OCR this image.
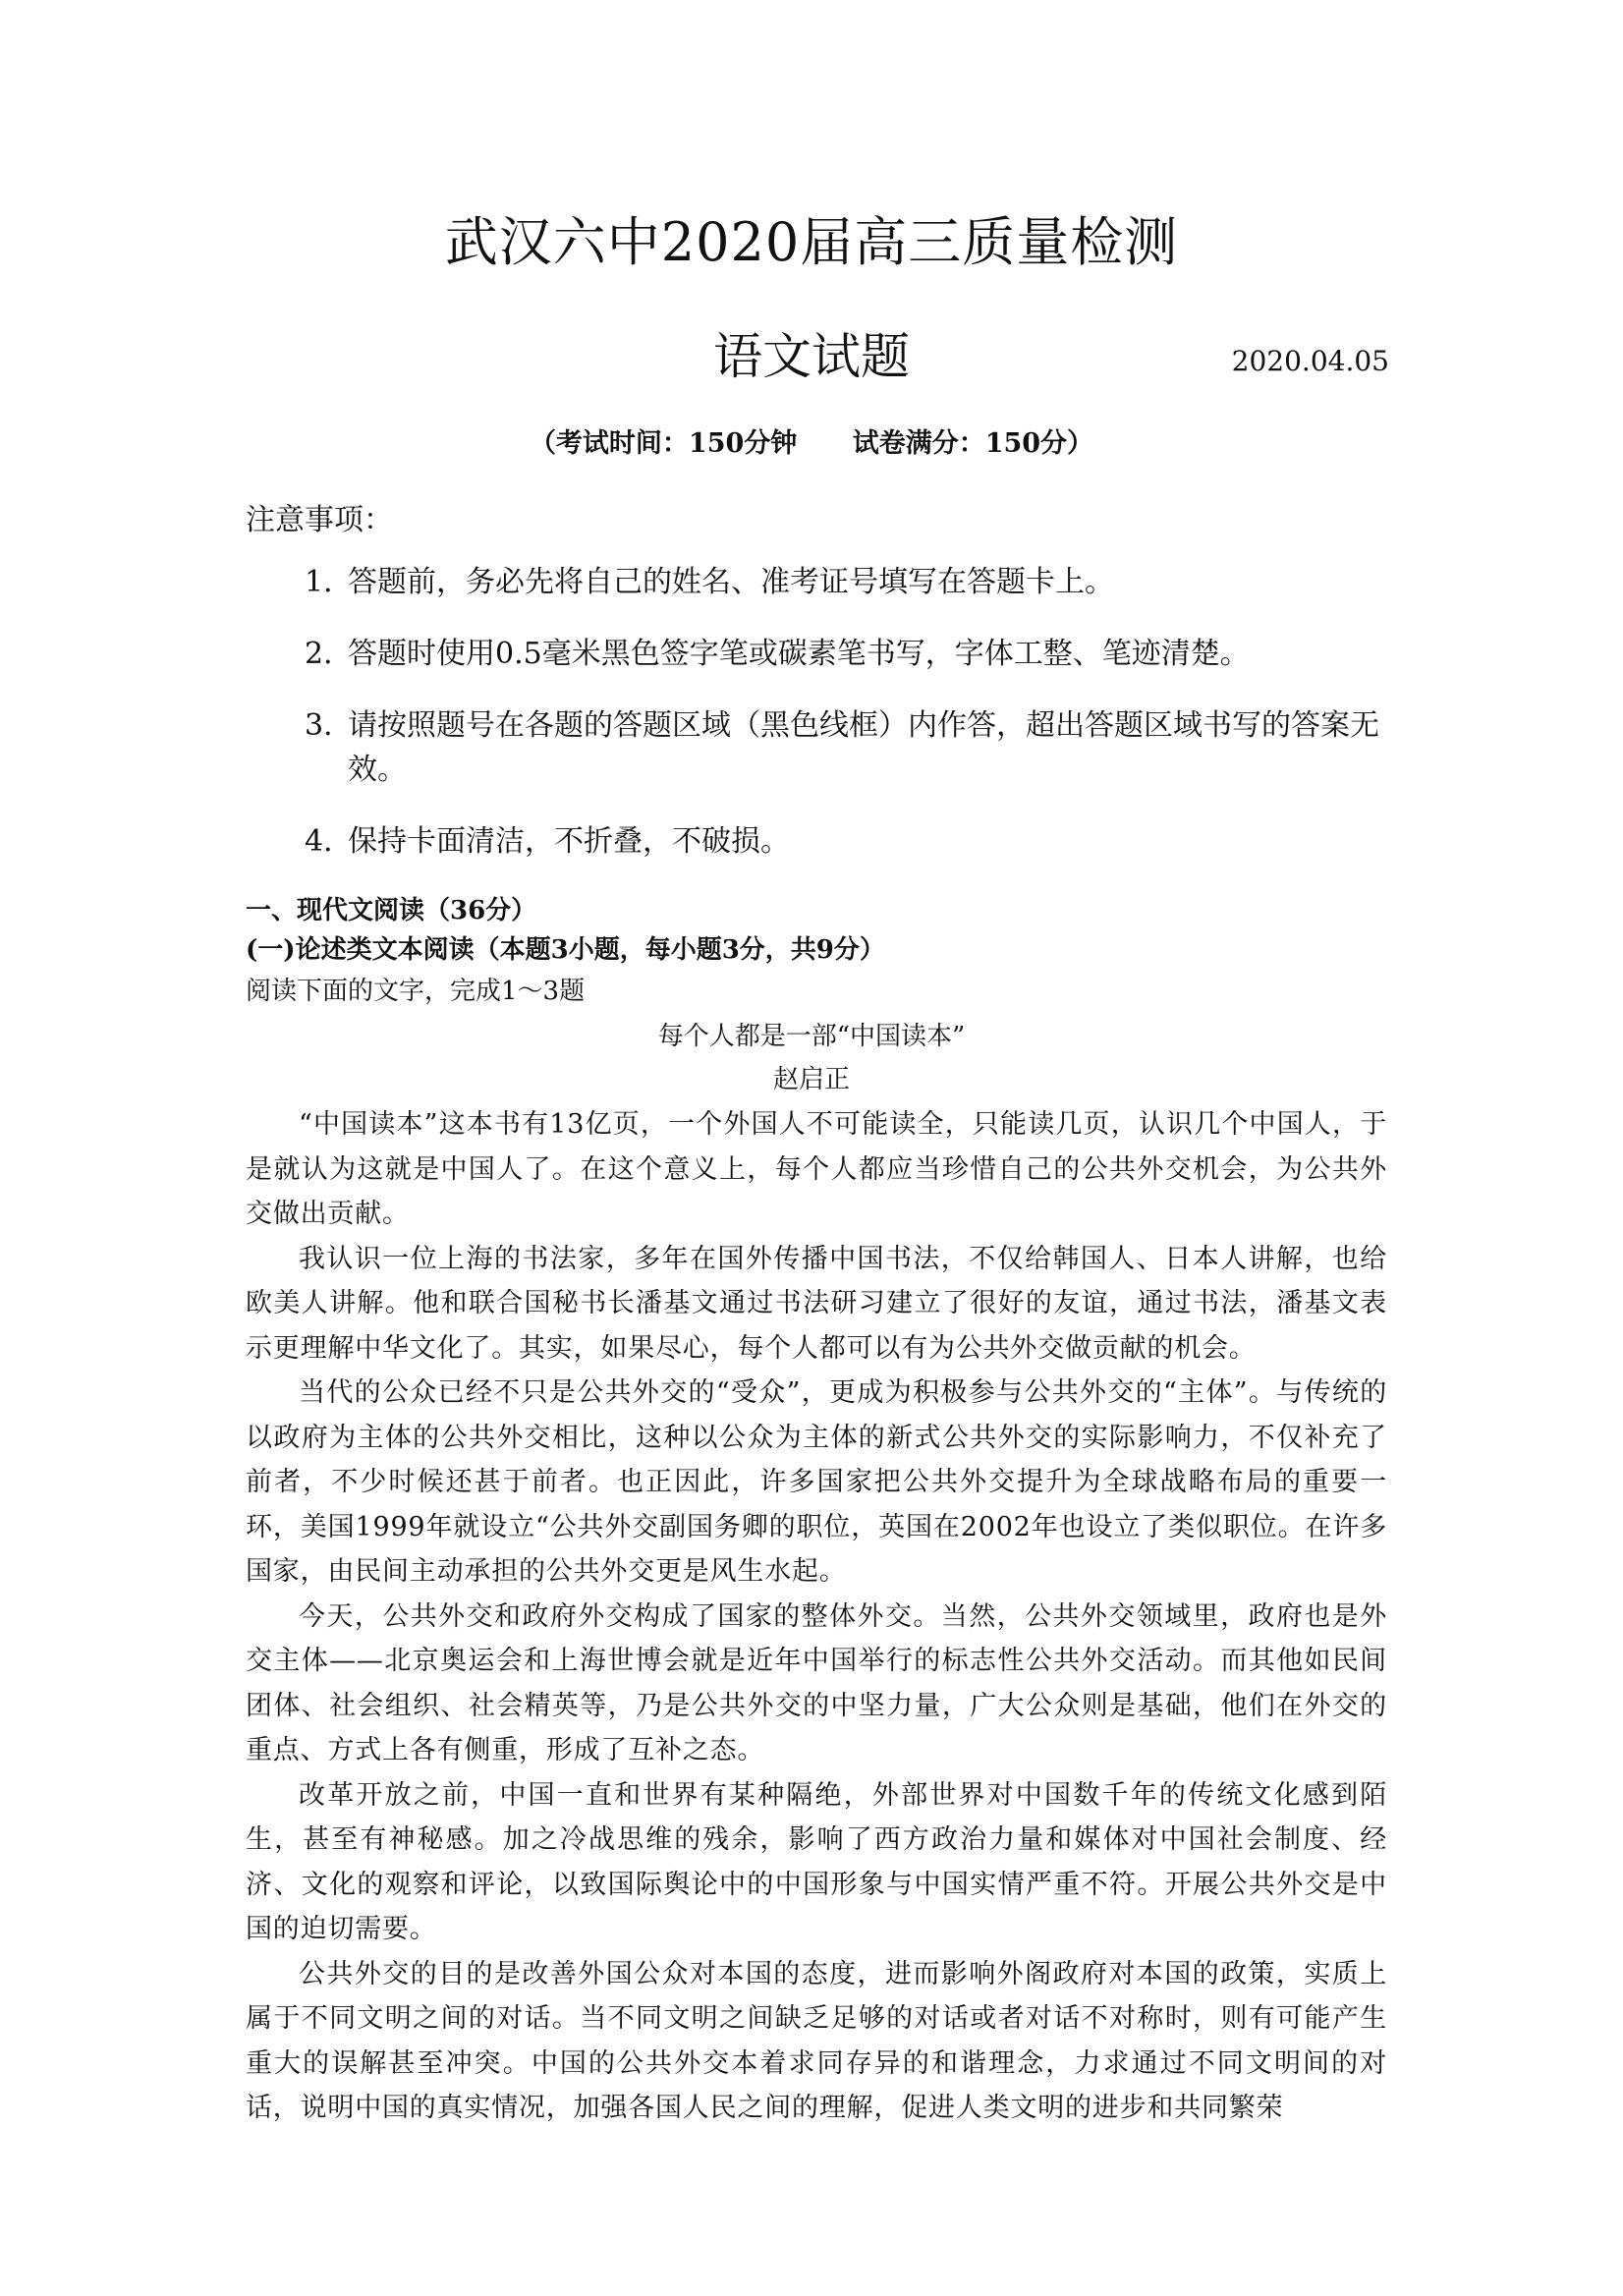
武汉六中2020届高三质量检测
语文试题	2020.04.05
（考试时间：150分钟      试卷满分：150分）
注意事项：
1．答题前，务必先将自己的姓名、准考证号填写在答题卡上。
2．答题时使用0.5毫米黑色签字笔或碳素笔书写，字体工整、笔迹清楚。
3．请按照题号在各题的答题区域（黑色线框）内作答，超出答题区域书写的答案无效。
4．保持卡面清洁，不折叠，不破损。
一、现代文阅读（36分）
(一)论述类文本阅读（本题3小题，每小题3分，共9分）
阅读下面的文字，完成1～3题
每个人都是一部“中国读本”
赵启正

“中国读本”这本书有13亿页，一个外国人不可能读全，只能读几页，认识几个中国人，于是就认为这就是中国人了。在这个意义上，每个人都应当珍惜自己的公共外交机会，为公共外交做出贡献。

我认识一位上海的书法家，多年在国外传播中国书法，不仅给韩国人、日本人讲解，也给欧美人讲解。他和联合国秘书长潘基文通过书法研习建立了很好的友谊，通过书法，潘基文表示更理解中华文化了。其实，如果尽心，每个人都可以有为公共外交做贡献的机会。

当代的公众已经不只是公共外交的“受众”，更成为积极参与公共外交的“主体”。与传统的以政府为主体的公共外交相比，这种以公众为主体的新式公共外交的实际影响力，不仅补充了前者，不少时候还甚于前者。也正因此，许多国家把公共外交提升为全球战略布局的重要一环，美国1999年就设立“公共外交副国务卿的职位，英国在2002年也设立了类似职位。在许多国家，由民间主动承担的公共外交更是风生水起。

今天，公共外交和政府外交构成了国家的整体外交。当然，公共外交领域里，政府也是外交主体——北京奥运会和上海世博会就是近年中国举行的标志性公共外交活动。而其他如民间团体、社会组织、社会精英等，乃是公共外交的中坚力量，广大公众则是基础，他们在外交的重点、方式上各有侧重，形成了互补之态。

改革开放之前，中国一直和世界有某种隔绝，外部世界对中国数千年的传统文化感到陌生，甚至有神秘感。加之冷战思维的残余，影响了西方政治力量和媒体对中国社会制度、经济、文化的观察和评论，以致国际舆论中的中国形象与中国实情严重不符。开展公共外交是中国的迫切需要。

公共外交的目的是改善外国公众对本国的态度，进而影响外阁政府对本国的政策，实质上属于不同文明之间的对话。当不同文明之间缺乏足够的对话或者对话不对称时，则有可能产生重大的误解甚至冲突。中国的公共外交本着求同存异的和谐理念，力求通过不同文明间的对话，说明中国的真实情况，加强各国人民之间的理解，促进人类文明的进步和共同繁荣
